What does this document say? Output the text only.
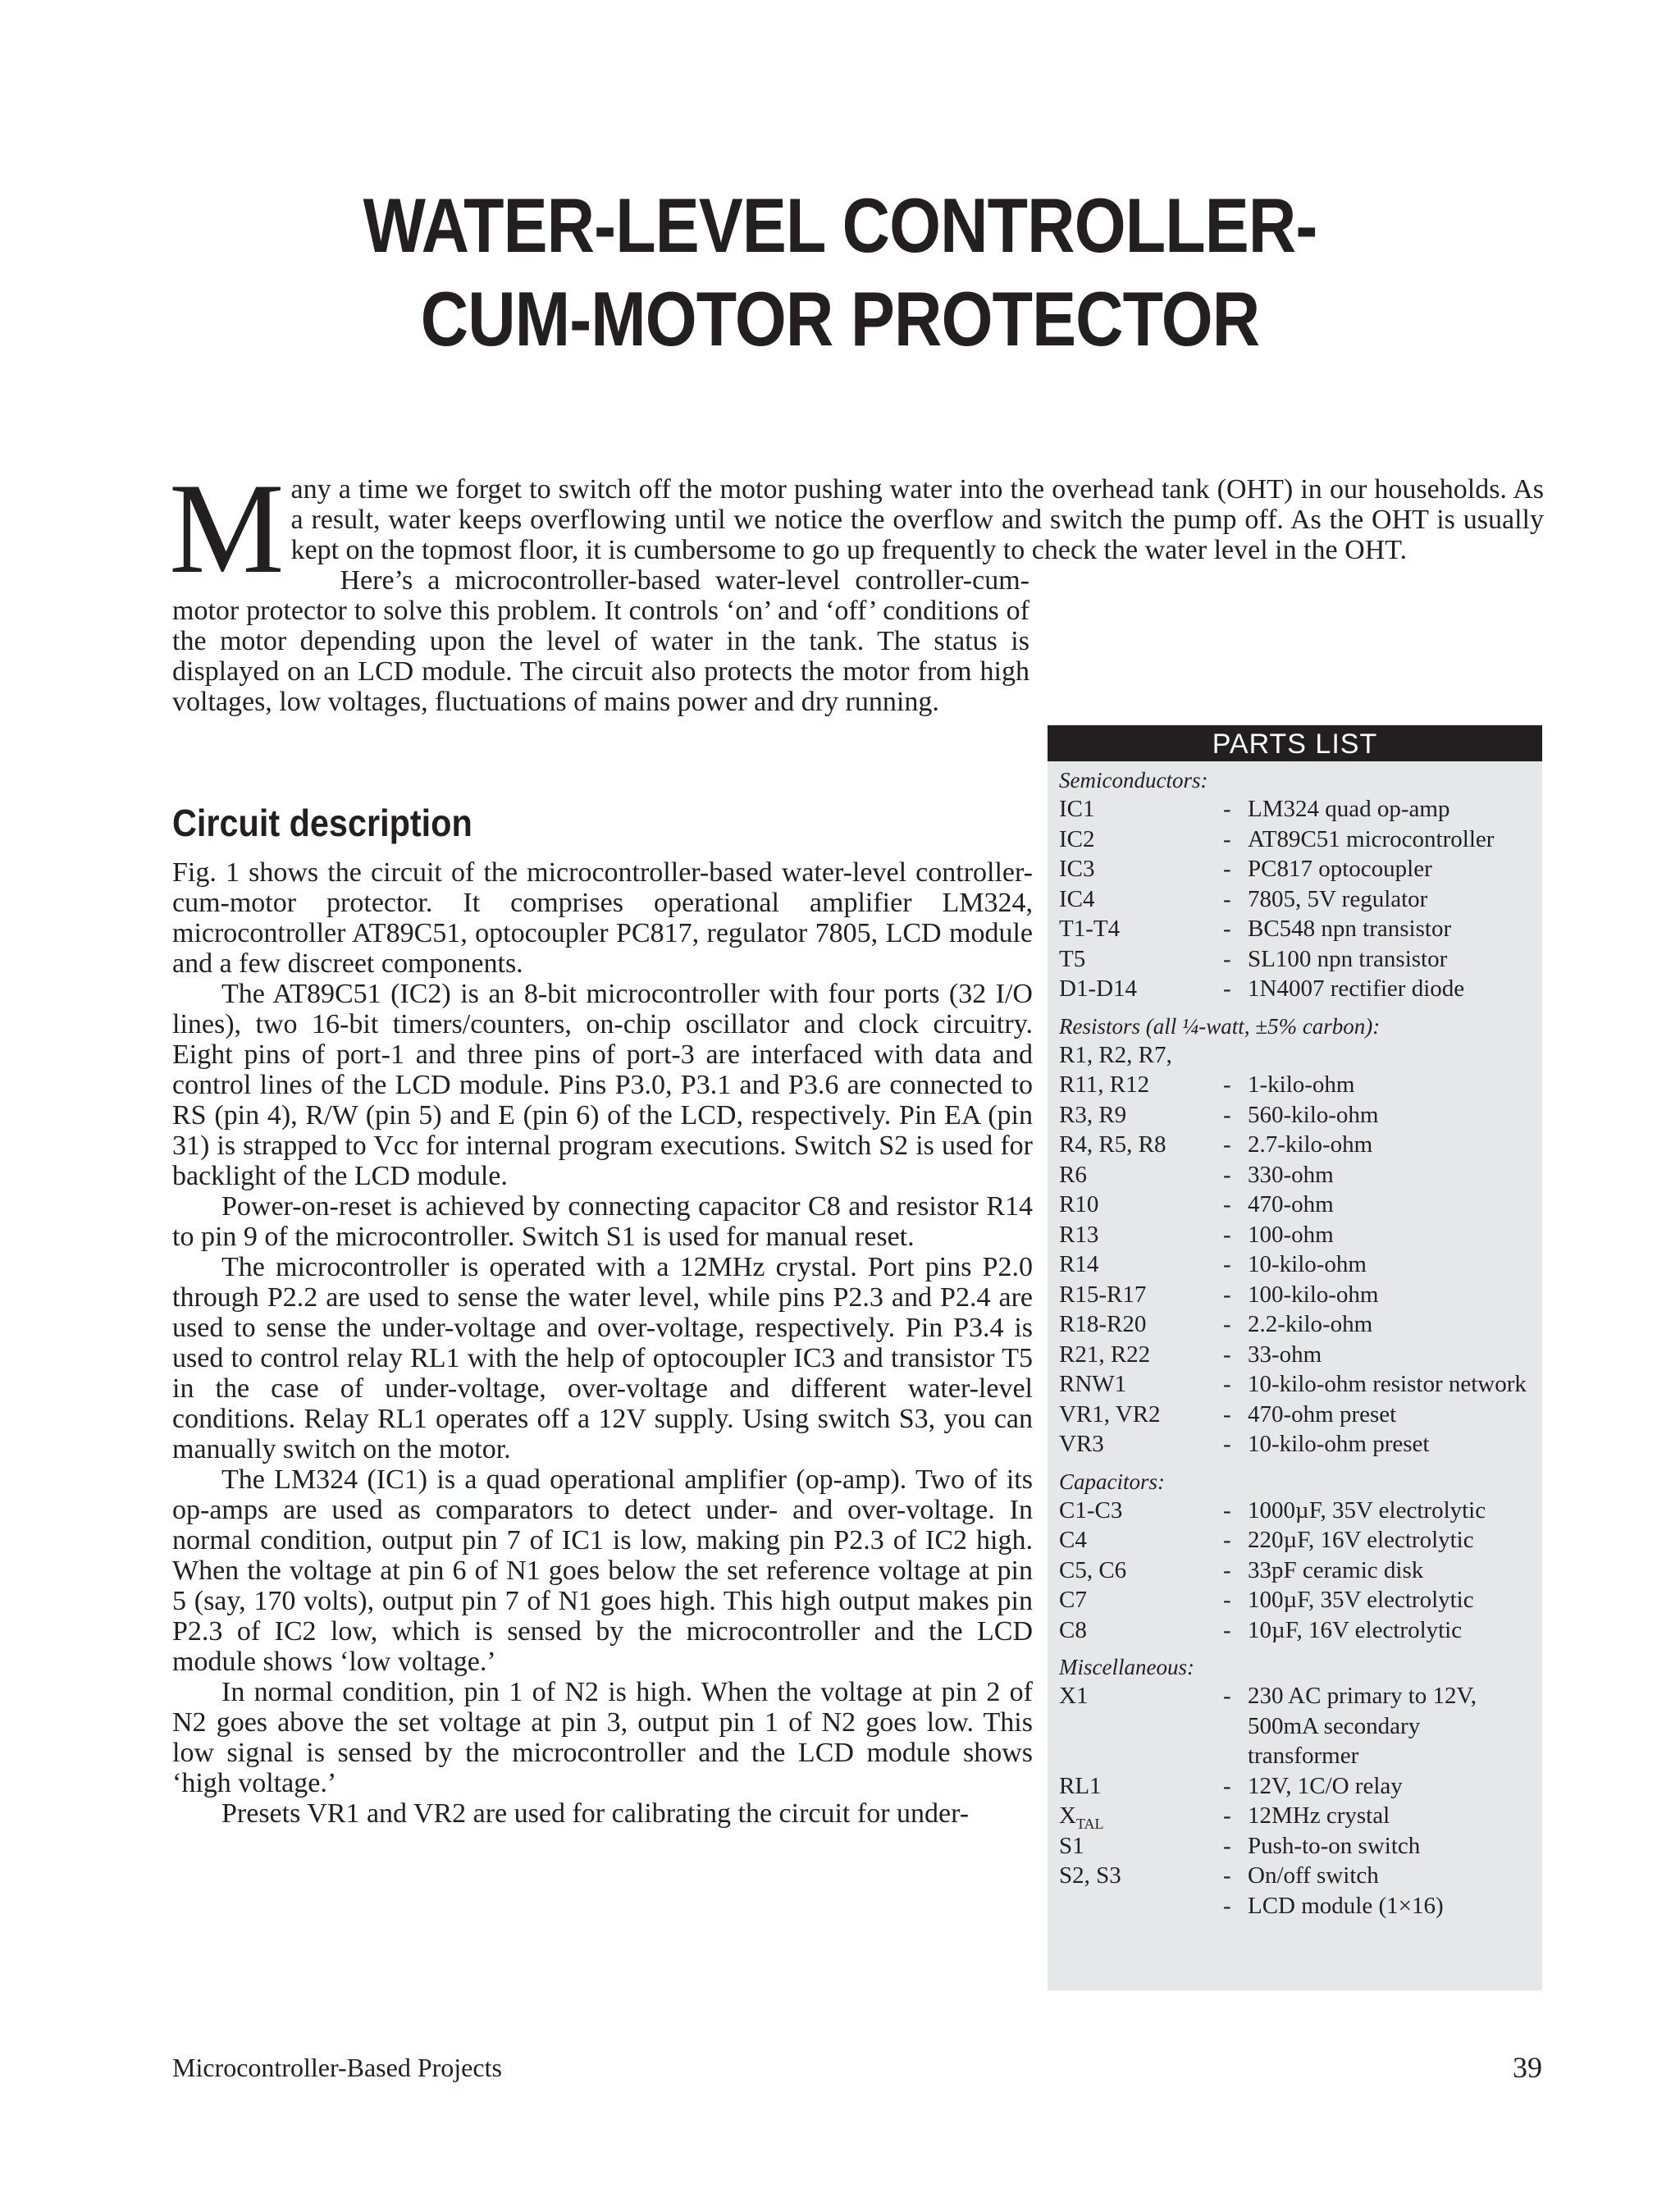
WATER-LEVEL CONTROLLER-
CUM-MOTOR PROTECTOR

Many a time we forget to switch off the motor pushing water into the overhead tank (OHT) in our households. As a result, water keeps overflowing until we notice the overflow and switch the pump off. As the OHT is usually kept on the topmost floor, it is cumbersome to go up frequently to check the water level in the OHT.

Here’s a microcontroller-based water-level controller-cum-motor protector to solve this problem. It controls ‘on’ and ‘off’ conditions of the motor depending upon the level of water in the tank. The status is displayed on an LCD module. The circuit also protects the motor from high voltages, low voltages, fluctuations of mains power and dry running.

Circuit description

Fig. 1 shows the circuit of the microcontroller-based water-level controller-cum-motor protector. It comprises operational amplifier LM324, microcontroller AT89C51, optocoupler PC817, regulator 7805, LCD module and a few discreet components.

The AT89C51 (IC2) is an 8-bit microcontroller with four ports (32 I/O lines), two 16-bit timers/counters, on-chip oscillator and clock circuitry. Eight pins of port-1 and three pins of port-3 are interfaced with data and control lines of the LCD module. Pins P3.0, P3.1 and P3.6 are connected to RS (pin 4), R/W (pin 5) and E (pin 6) of the LCD, respectively. Pin EA (pin 31) is strapped to Vcc for internal program executions. Switch S2 is used for backlight of the LCD module.

Power-on-reset is achieved by connecting capacitor C8 and resistor R14 to pin 9 of the microcontroller. Switch S1 is used for manual reset.

The microcontroller is operated with a 12MHz crystal. Port pins P2.0 through P2.2 are used to sense the water level, while pins P2.3 and P2.4 are used to sense the under-voltage and over-voltage, respectively. Pin P3.4 is used to control relay RL1 with the help of optocoupler IC3 and transistor T5 in the case of under-voltage, over-voltage and different water-level conditions. Relay RL1 operates off a 12V supply. Using switch S3, you can manually switch on the motor.

The LM324 (IC1) is a quad operational amplifier (op-amp). Two of its op-amps are used as comparators to detect under- and over-voltage. In normal condition, output pin 7 of IC1 is low, making pin P2.3 of IC2 high. When the voltage at pin 6 of N1 goes below the set reference voltage at pin 5 (say, 170 volts), output pin 7 of N1 goes high. This high output makes pin P2.3 of IC2 low, which is sensed by the microcontroller and the LCD module shows ‘low voltage.’

In normal condition, pin 1 of N2 is high. When the voltage at pin 2 of N2 goes above the set voltage at pin 3, output pin 1 of N2 goes low. This low signal is sensed by the microcontroller and the LCD module shows ‘high voltage.’

Presets VR1 and VR2 are used for calibrating the circuit for under-

PARTS LIST
Semiconductors:
IC1	- LM324 quad op-amp
IC2	- AT89C51 microcontroller
IC3	- PC817 optocoupler
IC4	- 7805, 5V regulator
T1-T4	- BC548 npn transistor
T5	- SL100 npn transistor
D1-D14	- 1N4007 rectifier diode
Resistors (all ¼-watt, ±5% carbon):
R1, R2, R7,
R11, R12	- 1-kilo-ohm
R3, R9	- 560-kilo-ohm
R4, R5, R8	- 2.7-kilo-ohm
R6	- 330-ohm
R10	- 470-ohm
R13	- 100-ohm
R14	- 10-kilo-ohm
R15-R17	- 100-kilo-ohm
R18-R20	- 2.2-kilo-ohm
R21, R22	- 33-ohm
RNW1	- 10-kilo-ohm resistor network
VR1, VR2	- 470-ohm preset
VR3	- 10-kilo-ohm preset
Capacitors:
C1-C3	- 1000µF, 35V electrolytic
C4	- 220µF, 16V electrolytic
C5, C6	- 33pF ceramic disk
C7	- 100µF, 35V electrolytic
C8	- 10µF, 16V electrolytic
Miscellaneous:
X1	- 230 AC primary to 12V, 500mA secondary transformer
RL1	- 12V, 1C/O relay
$X_{TAL}$	- 12MHz crystal
S1	- Push-to-on switch
S2, S3	- On/off switch
- LCD module (1×16)
Microcontroller-Based Projects	39
